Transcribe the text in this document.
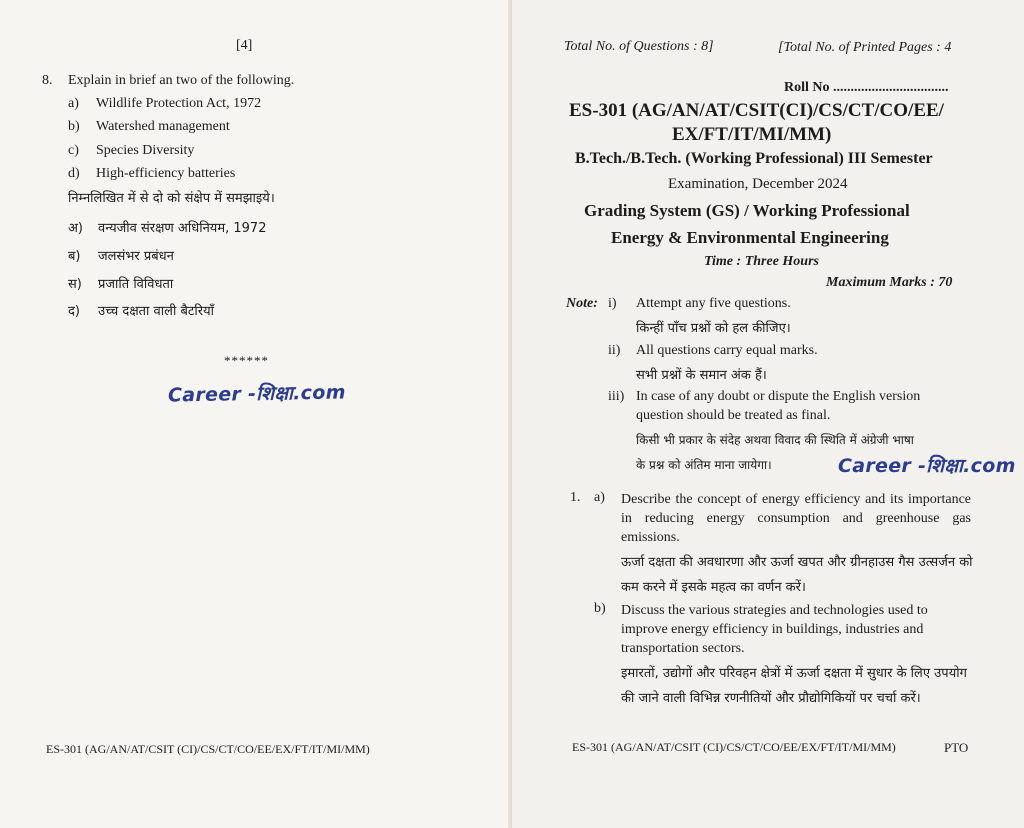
[4]
8. Explain in brief an two of the following.
a) Wildlife Protection Act, 1972
b) Watershed management
c) Species Diversity
d) High-efficiency batteries
निम्नलिखित में से दो को संक्षेप में समझाइये।
अ) वन्यजीव संरक्षण अधिनियम, 1972
ब) जलसंभर प्रबंधन
स) प्रजाति विविधता
द) उच्च दक्षता वाली बैटरियाँ
******
Career -शिक्षा.com
ES-301 (AG/AN/AT/CSIT (CI)/CS/CT/CO/EE/EX/FT/IT/MI/MM)
Total No. of Questions : 8]	[Total No. of Printed Pages : 4
Roll No .................................
ES-301 (AG/AN/AT/CSIT(CI)/CS/CT/CO/EE/
EX/FT/IT/MI/MM)
B.Tech./B.Tech. (Working Professional) III Semester
Examination, December 2024
Grading System (GS) / Working Professional
Energy & Environmental Engineering
Time : Three Hours
Maximum Marks : 70
Note: i) Attempt any five questions.
किन्हीं पाँच प्रश्नों को हल कीजिए।
ii) All questions carry equal marks.
सभी प्रश्नों के समान अंक हैं।
iii) In case of any doubt or dispute the English version
question should be treated as final.
किसी भी प्रकार के संदेह अथवा विवाद की स्थिति में अंग्रेजी भाषा
के प्रश्न को अंतिम माना जायेगा।	Career -शिक्षा.com
1. a) Describe the concept of energy efficiency and its importance in reducing energy consumption and greenhouse gas emissions.
ऊर्जा दक्षता की अवधारणा और ऊर्जा खपत और ग्रीनहाउस गैस उत्सर्जन को कम करने में इसके महत्व का वर्णन करें।
b) Discuss the various strategies and technologies used to improve energy efficiency in buildings, industries and transportation sectors.
इमारतों, उद्योगों और परिवहन क्षेत्रों में ऊर्जा दक्षता में सुधार के लिए उपयोग की जाने वाली विभिन्न रणनीतियों और प्रौद्योगिकियों पर चर्चा करें।
ES-301 (AG/AN/AT/CSIT (CI)/CS/CT/CO/EE/EX/FT/IT/MI/MM)	PTO
